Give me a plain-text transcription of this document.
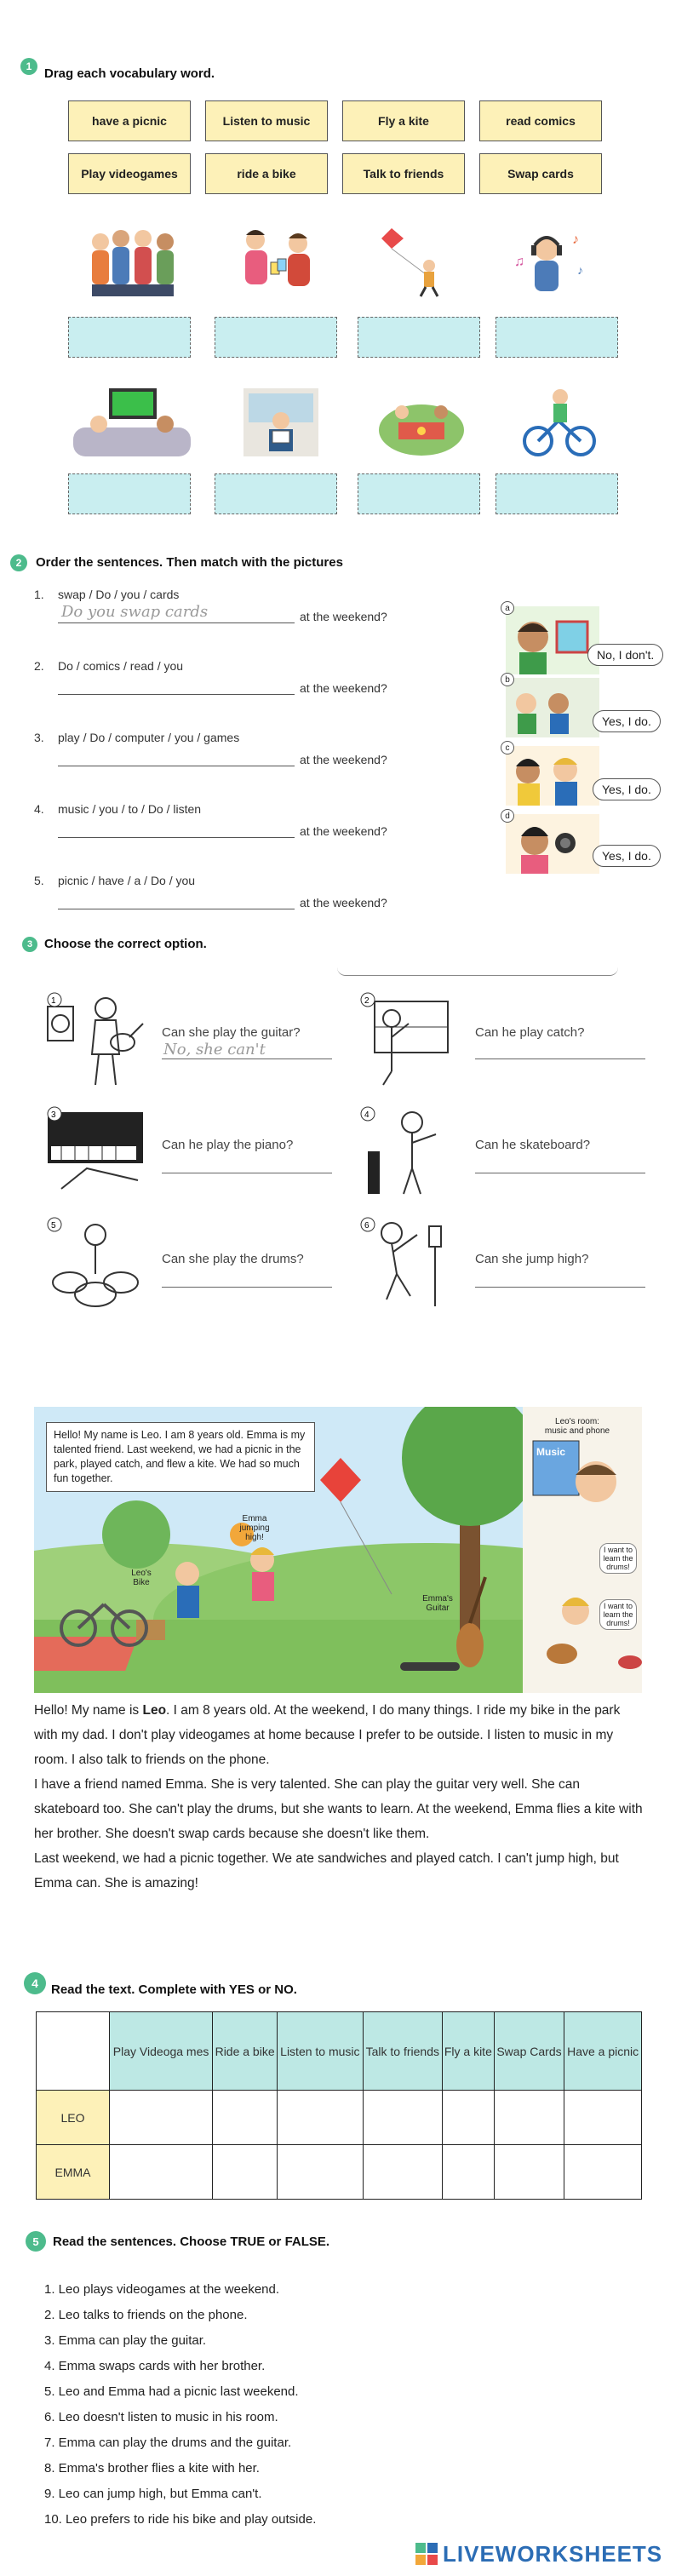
1 Drag each vocabulary word.
have a picnic	Listen to music	Fly a kite	read comics
Play videogames	ride a bike	Talk to friends	Swap cards
♪
♫
♪
2	Order the sentences. Then match with the pictures
1. swap / Do / you / cards
Do you swap cards	at the weekend?
2. Do / comics / read / you
at the weekend?
3. play / Do / computer / you / games
at the weekend?
4. music / you / to / Do / listen
at the weekend?
5. picnic / have / a / Do / you
at the weekend?
a
No, I don't.
b
Yes, I do.
c
Yes, I do.
d
Yes, I do.
3 Choose the correct option.
1
Can she play the guitar?
No, she can't
2
Can he play catch?
3
Can he play the piano?
4
Can he skateboard?
5
Can she play the drums?
6
Can she jump high?
Hello! My name is Leo. I am 8 years old. Emma is my talented friend. Last weekend, we had a picnic in the park, played catch, and flew a kite. We had so much fun together.
Leo's Bike
Emma jumping high!
Emma's Guitar
Leo's room: music and phone
Music
I want to learn the drums!
I want to learn the drums!

Hello! My name is Leo. I am 8 years old. At the weekend, I do many things. I ride my bike in the park with my dad. I don't play videogames at home because I prefer to be outside. I listen to music in my room. I also talk to friends on the phone.

I have a friend named Emma. She is very talented. She can play the guitar very well. She can skateboard too. She can't play the drums, but she wants to learn. At the weekend, Emma flies a kite with her brother. She doesn't swap cards because she doesn't like them.

Last weekend, we had a picnic together. We ate sandwiches and played catch. I can't jump high, but Emma can. She is amazing!

4	Read the text. Complete with YES or NO.
	Play Videoga mes	Ride a bike	Listen to music	Talk to friends	Fly a kite	Swap Cards	Have a picnic
LEO							
EMMA							
5	Read the sentences. Choose TRUE or FALSE.
1. Leo plays videogames at the weekend.
2. Leo talks to friends on the phone.
3. Emma can play the guitar.
4. Emma swaps cards with her brother.
5. Leo and Emma had a picnic last weekend.
6. Leo doesn't listen to music in his room.
7. Emma can play the drums and the guitar.
8. Emma's brother flies a kite with her.
9. Leo can jump high, but Emma can't.
10. Leo prefers to ride his bike and play outside.
LIVEWORKSHEETS
